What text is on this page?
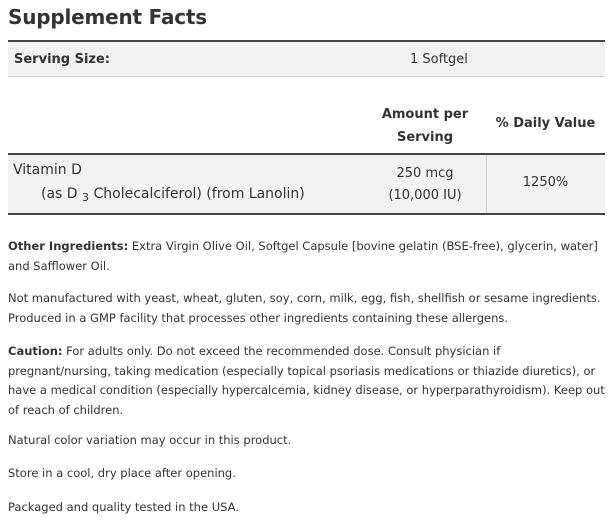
Supplement Facts
Serving Size:	1 Softgel
Amount per
Serving
% Daily Value
Vitamin D
(as D $_3$ Cholecalciferol) (from Lanolin)
250 mcg
(10,000 IU)
1250%
Other Ingredients: Extra Virgin Olive Oil, Softgel Capsule [bovine gelatin (BSE-free), glycerin, water] and Safflower Oil.
Not manufactured with yeast, wheat, gluten, soy, corn, milk, egg, fish, shellfish or sesame ingredients. Produced in a GMP facility that processes other ingredients containing these allergens.
Caution: For adults only. Do not exceed the recommended dose. Consult physician if pregnant/nursing, taking medication (especially topical psoriasis medications or thiazide diuretics), or have a medical condition (especially hypercalcemia, kidney disease, or hyperparathyroidism). Keep out of reach of children.
Natural color variation may occur in this product.
Store in a cool, dry place after opening.
Packaged and quality tested in the USA.
